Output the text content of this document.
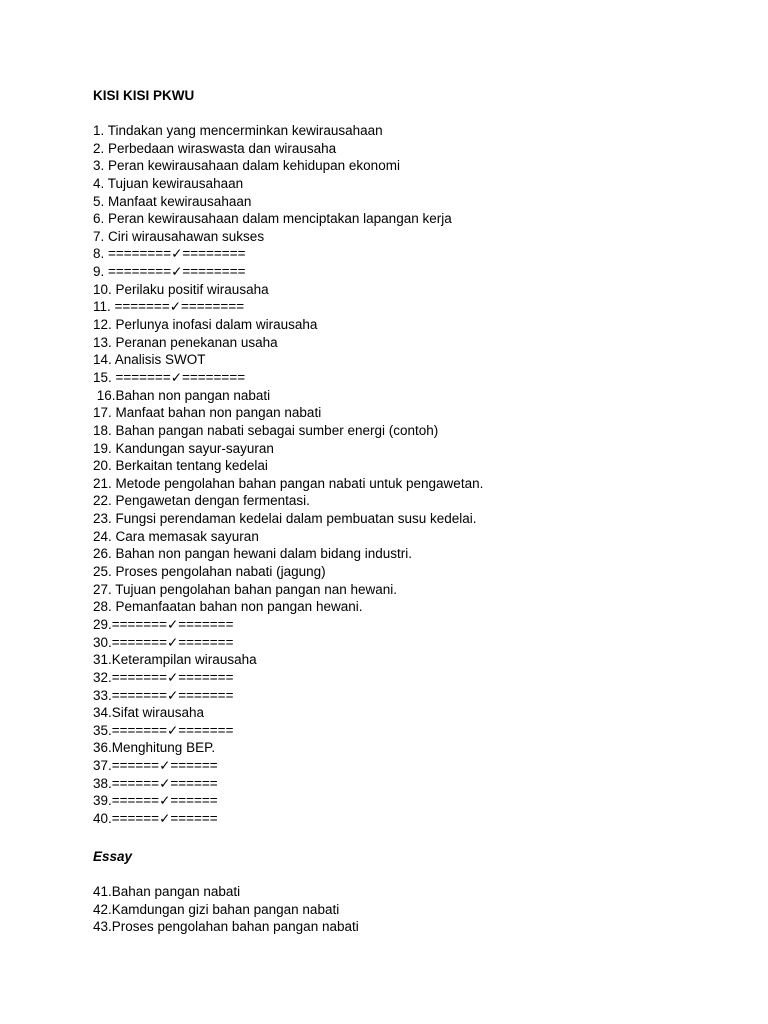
KISI KISI PKWU
1. Tindakan yang mencerminkan kewirausahaan
2. Perbedaan wiraswasta dan wirausaha
3. Peran kewirausahaan dalam kehidupan ekonomi
4. Tujuan kewirausahaan
5. Manfaat kewirausahaan
6. Peran kewirausahaan dalam menciptakan lapangan kerja
7. Ciri wirausahawan sukses
8. ========✓========
9. ========✓========
10. Perilaku positif wirausaha
11. =======✓========
12. Perlunya inofasi dalam wirausaha
13. Peranan penekanan usaha
14. Analisis SWOT
15. =======✓========
16.Bahan non pangan nabati
17. Manfaat bahan non pangan nabati
18. Bahan pangan nabati sebagai sumber energi (contoh)
19. Kandungan sayur-sayuran
20. Berkaitan tentang kedelai
21. Metode pengolahan bahan pangan nabati untuk pengawetan.
22. Pengawetan dengan fermentasi.
23. Fungsi perendaman kedelai dalam pembuatan susu kedelai.
24. Cara memasak sayuran
26. Bahan non pangan hewani dalam bidang industri.
25. Proses pengolahan nabati (jagung)
27. Tujuan pengolahan bahan pangan nan hewani.
28. Pemanfaatan bahan non pangan hewani.
29.=======✓=======
30.=======✓=======
31.Keterampilan wirausaha
32.=======✓=======
33.=======✓=======
34.Sifat wirausaha
35.=======✓=======
36.Menghitung BEP.
37.======✓======
38.======✓======
39.======✓======
40.======✓======
Essay
41.Bahan pangan nabati
42.Kamdungan gizi bahan pangan nabati
43.Proses pengolahan bahan pangan nabati
